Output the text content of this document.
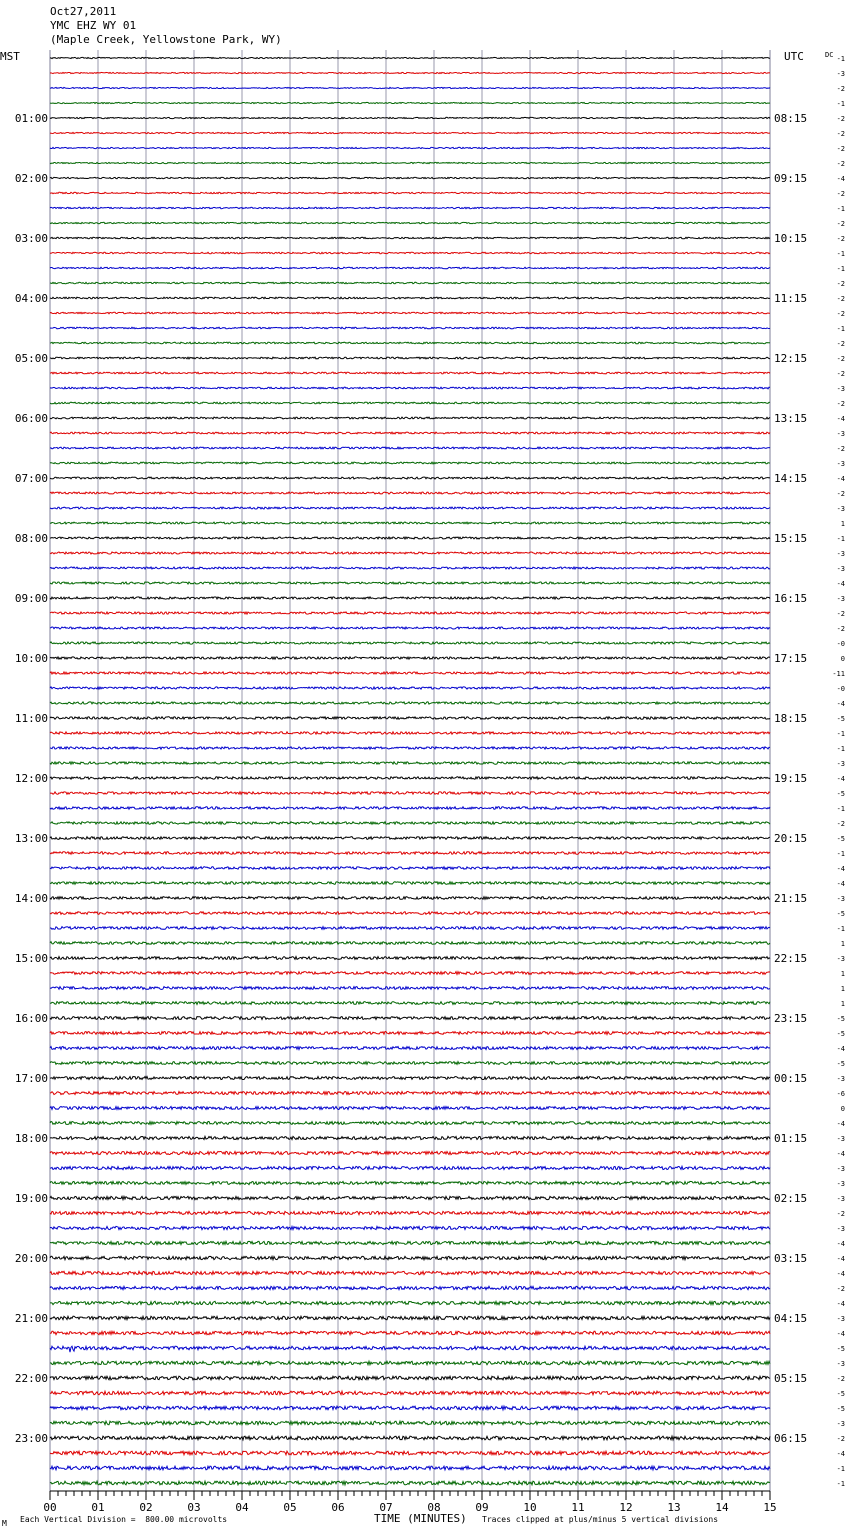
Oct27,2011
YMC EHZ WY 01
(Maple Creek, Yellowstone Park, WY)
MST	UTC	DC
01:00	08:15
02:00	09:15
03:00	10:15
04:00	11:15
05:00	12:15
06:00	13:15
07:00	14:15
08:00	15:15
09:00	16:15
10:00	17:15
11:00	18:15
12:00	19:15
13:00	20:15
14:00	21:15
15:00	22:15
16:00	23:15
17:00	00:15
18:00	01:15
19:00	02:15
20:00	03:15
21:00	04:15
22:00	05:15
23:00	06:15
-1
-3
-2
-1
-2
-2
-2
-2
-4
-2
-1
-2
-2
-1
-1
-2
-2
-2
-1
-2
-2
-2
-3
-2
-4
-3
-2
-3
-4
-2
-3
1
-1
-3
-3
-4
-3
-2
-2
-0
0
-11
-0
-4
-5
-1
-1
-3
-4
-5
-1
-2
-5
-1
-4
-4
-3
-5
-1
1
-3
1
1
1
-5
-5
-4
-5
-3
-6
0
-4
-3
-4
-3
-3
-3
-2
-3
-4
-4
-4
-2
-4
-3
-4
-5
-3
-2
-5
-5
-3
-2
-4
-1
-1
00	01	02	03	04	05	06	07	08	09	10	11	12	13	14	15
M Each Vertical Division =  800.00 microvolts	TIME (MINUTES) Traces clipped at plus/minus 5 vertical divisions
